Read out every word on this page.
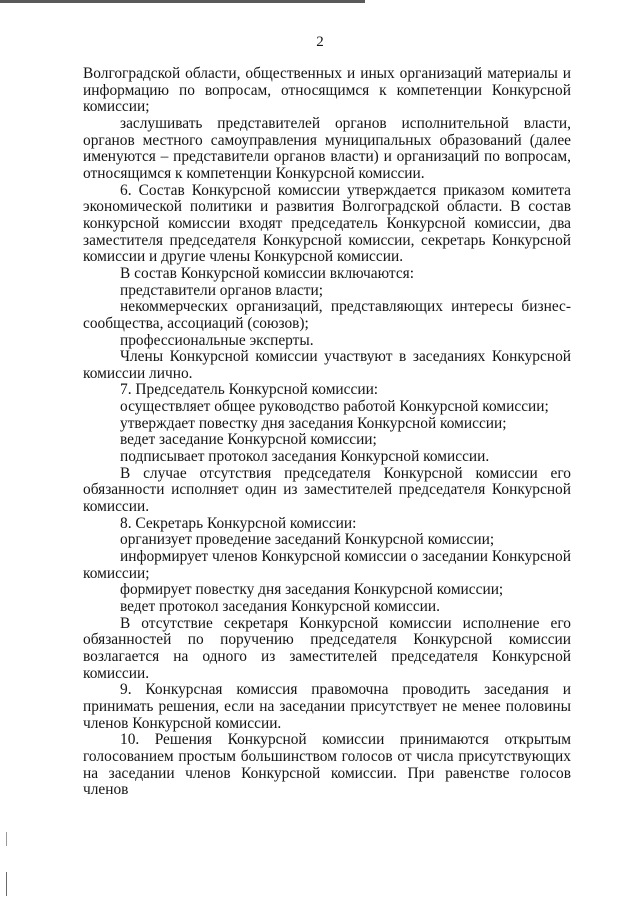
2

Волгоградской области, общественных и иных организаций материалы и информацию по вопросам, относящимся к компетенции Конкурсной комиссии;

заслушивать представителей органов исполнительной власти, органов местного самоуправления муниципальных образований (далее именуются – представители органов власти) и организаций по вопросам, относящимся к компетенции Конкурсной комиссии.

6. Состав Конкурсной комиссии утверждается приказом комитета экономической политики и развития Волгоградской области. В состав конкурсной комиссии входят председатель Конкурсной комиссии, два заместителя председателя Конкурсной комиссии, секретарь Конкурсной комиссии и другие члены Конкурсной комиссии.

В состав Конкурсной комиссии включаются:

представители органов власти;

некоммерческих организаций, представляющих интересы бизнес-сообщества, ассоциаций (союзов);

профессиональные эксперты.

Члены Конкурсной комиссии участвуют в заседаниях Конкурсной комиссии лично.

7. Председатель Конкурсной комиссии:

осуществляет общее руководство работой Конкурсной комиссии;

утверждает повестку дня заседания Конкурсной комиссии;

ведет заседание Конкурсной комиссии;

подписывает протокол заседания Конкурсной комиссии.

В случае отсутствия председателя Конкурсной комиссии его обязанности исполняет один из заместителей председателя Конкурсной комиссии.

8. Секретарь Конкурсной комиссии:

организует проведение заседаний Конкурсной комиссии;

информирует членов Конкурсной комиссии о заседании Конкурсной комиссии;

формирует повестку дня заседания Конкурсной комиссии;

ведет протокол заседания Конкурсной комиссии.

В отсутствие секретаря Конкурсной комиссии исполнение его обязанностей по поручению председателя Конкурсной комиссии возлагается на одного из заместителей председателя Конкурсной комиссии.

9. Конкурсная комиссия правомочна проводить заседания и принимать решения, если на заседании присутствует не менее половины членов Конкурсной комиссии.

10. Решения Конкурсной комиссии принимаются открытым голосованием простым большинством голосов от числа присутствующих на заседании членов Конкурсной комиссии. При равенстве голосов членов
